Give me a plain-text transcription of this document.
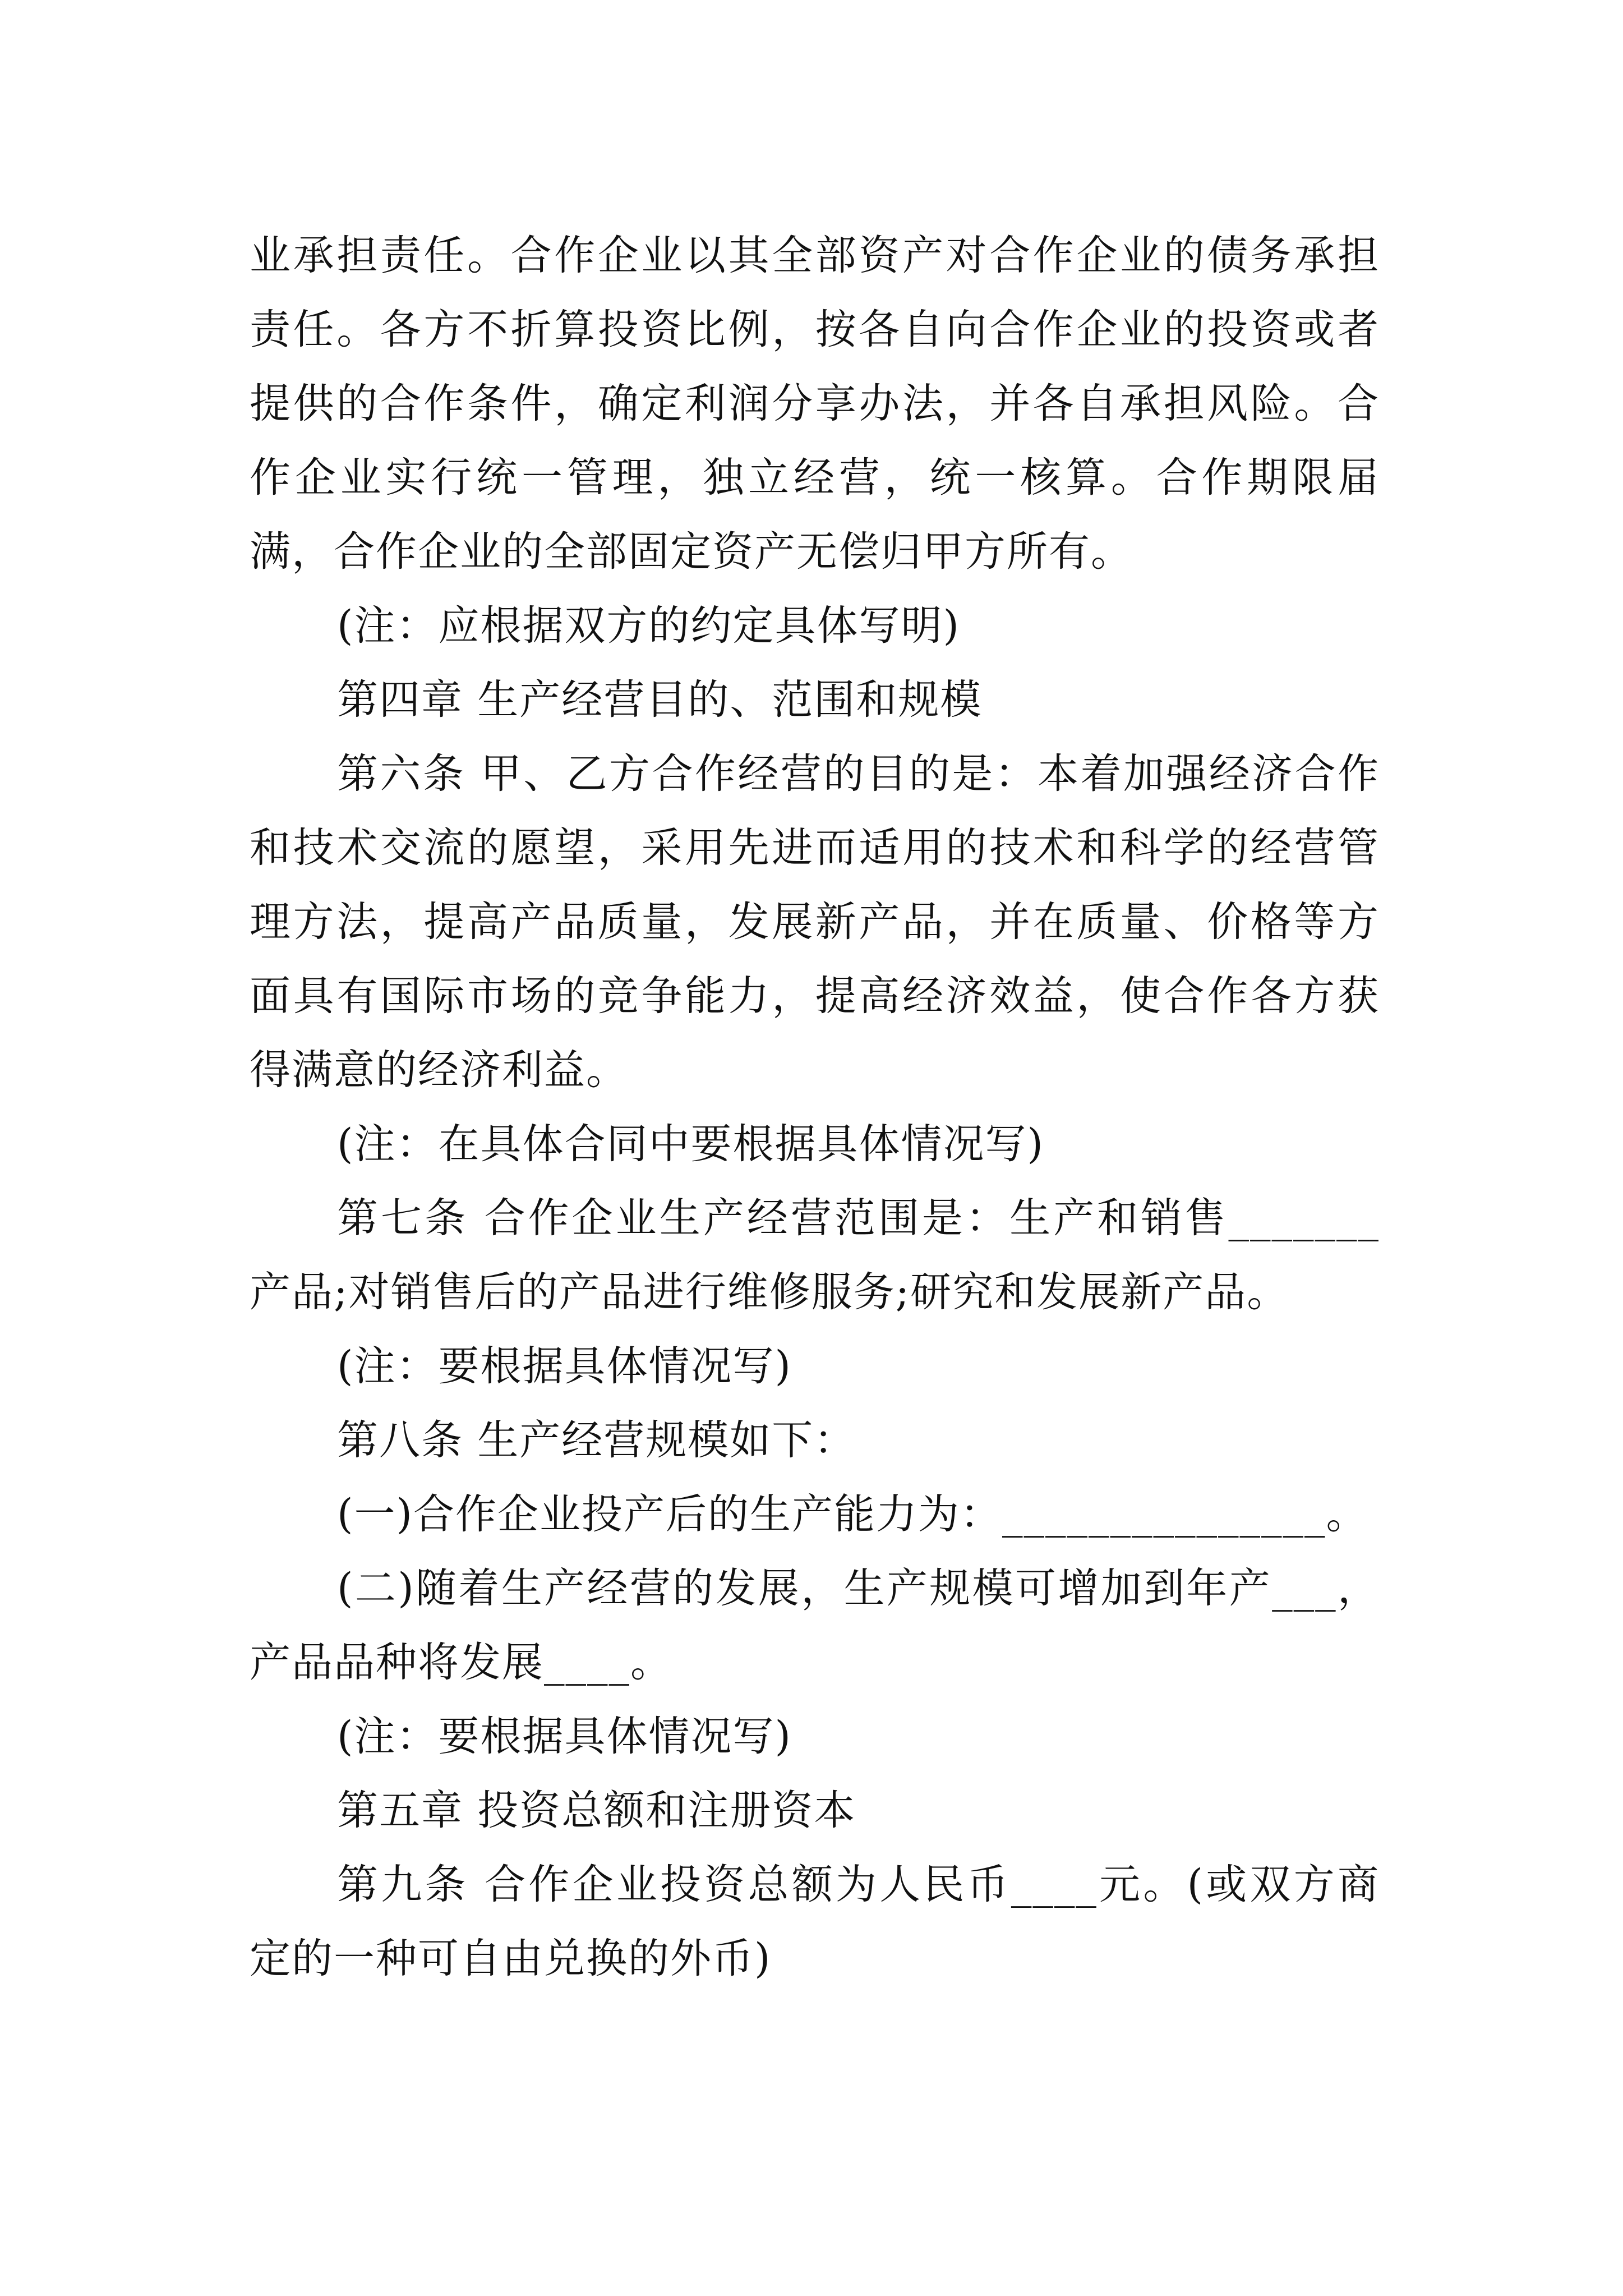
业承担责任。合作企业以其全部资产对合作企业的债务承担责任。各方不折算投资比例，按各自向合作企业的投资或者提供的合作条件，确定利润分享办法，并各自承担风险。合作企业实行统一管理，独立经营，统一核算。合作期限届满，合作企业的全部固定资产无偿归甲方所有。

(注：应根据双方的约定具体写明)

第四章 生产经营目的、范围和规模

第六条 甲、乙方合作经营的目的是：本着加强经济合作和技术交流的愿望，采用先进而适用的技术和科学的经营管理方法，提高产品质量，发展新产品，并在质量、价格等方面具有国际市场的竞争能力，提高经济效益，使合作各方获得满意的经济利益。

(注：在具体合同中要根据具体情况写)

第七条 合作企业生产经营范围是：生产和销售_______产品;对销售后的产品进行维修服务;研究和发展新产品。

(注：要根据具体情况写)

第八条 生产经营规模如下：

(一)合作企业投产后的生产能力为：_______________。

(二)随着生产经营的发展，生产规模可增加到年产___，产品品种将发展____。

(注：要根据具体情况写)

第五章 投资总额和注册资本

第九条 合作企业投资总额为人民币____元。(或双方商定的一种可自由兑换的外币)
